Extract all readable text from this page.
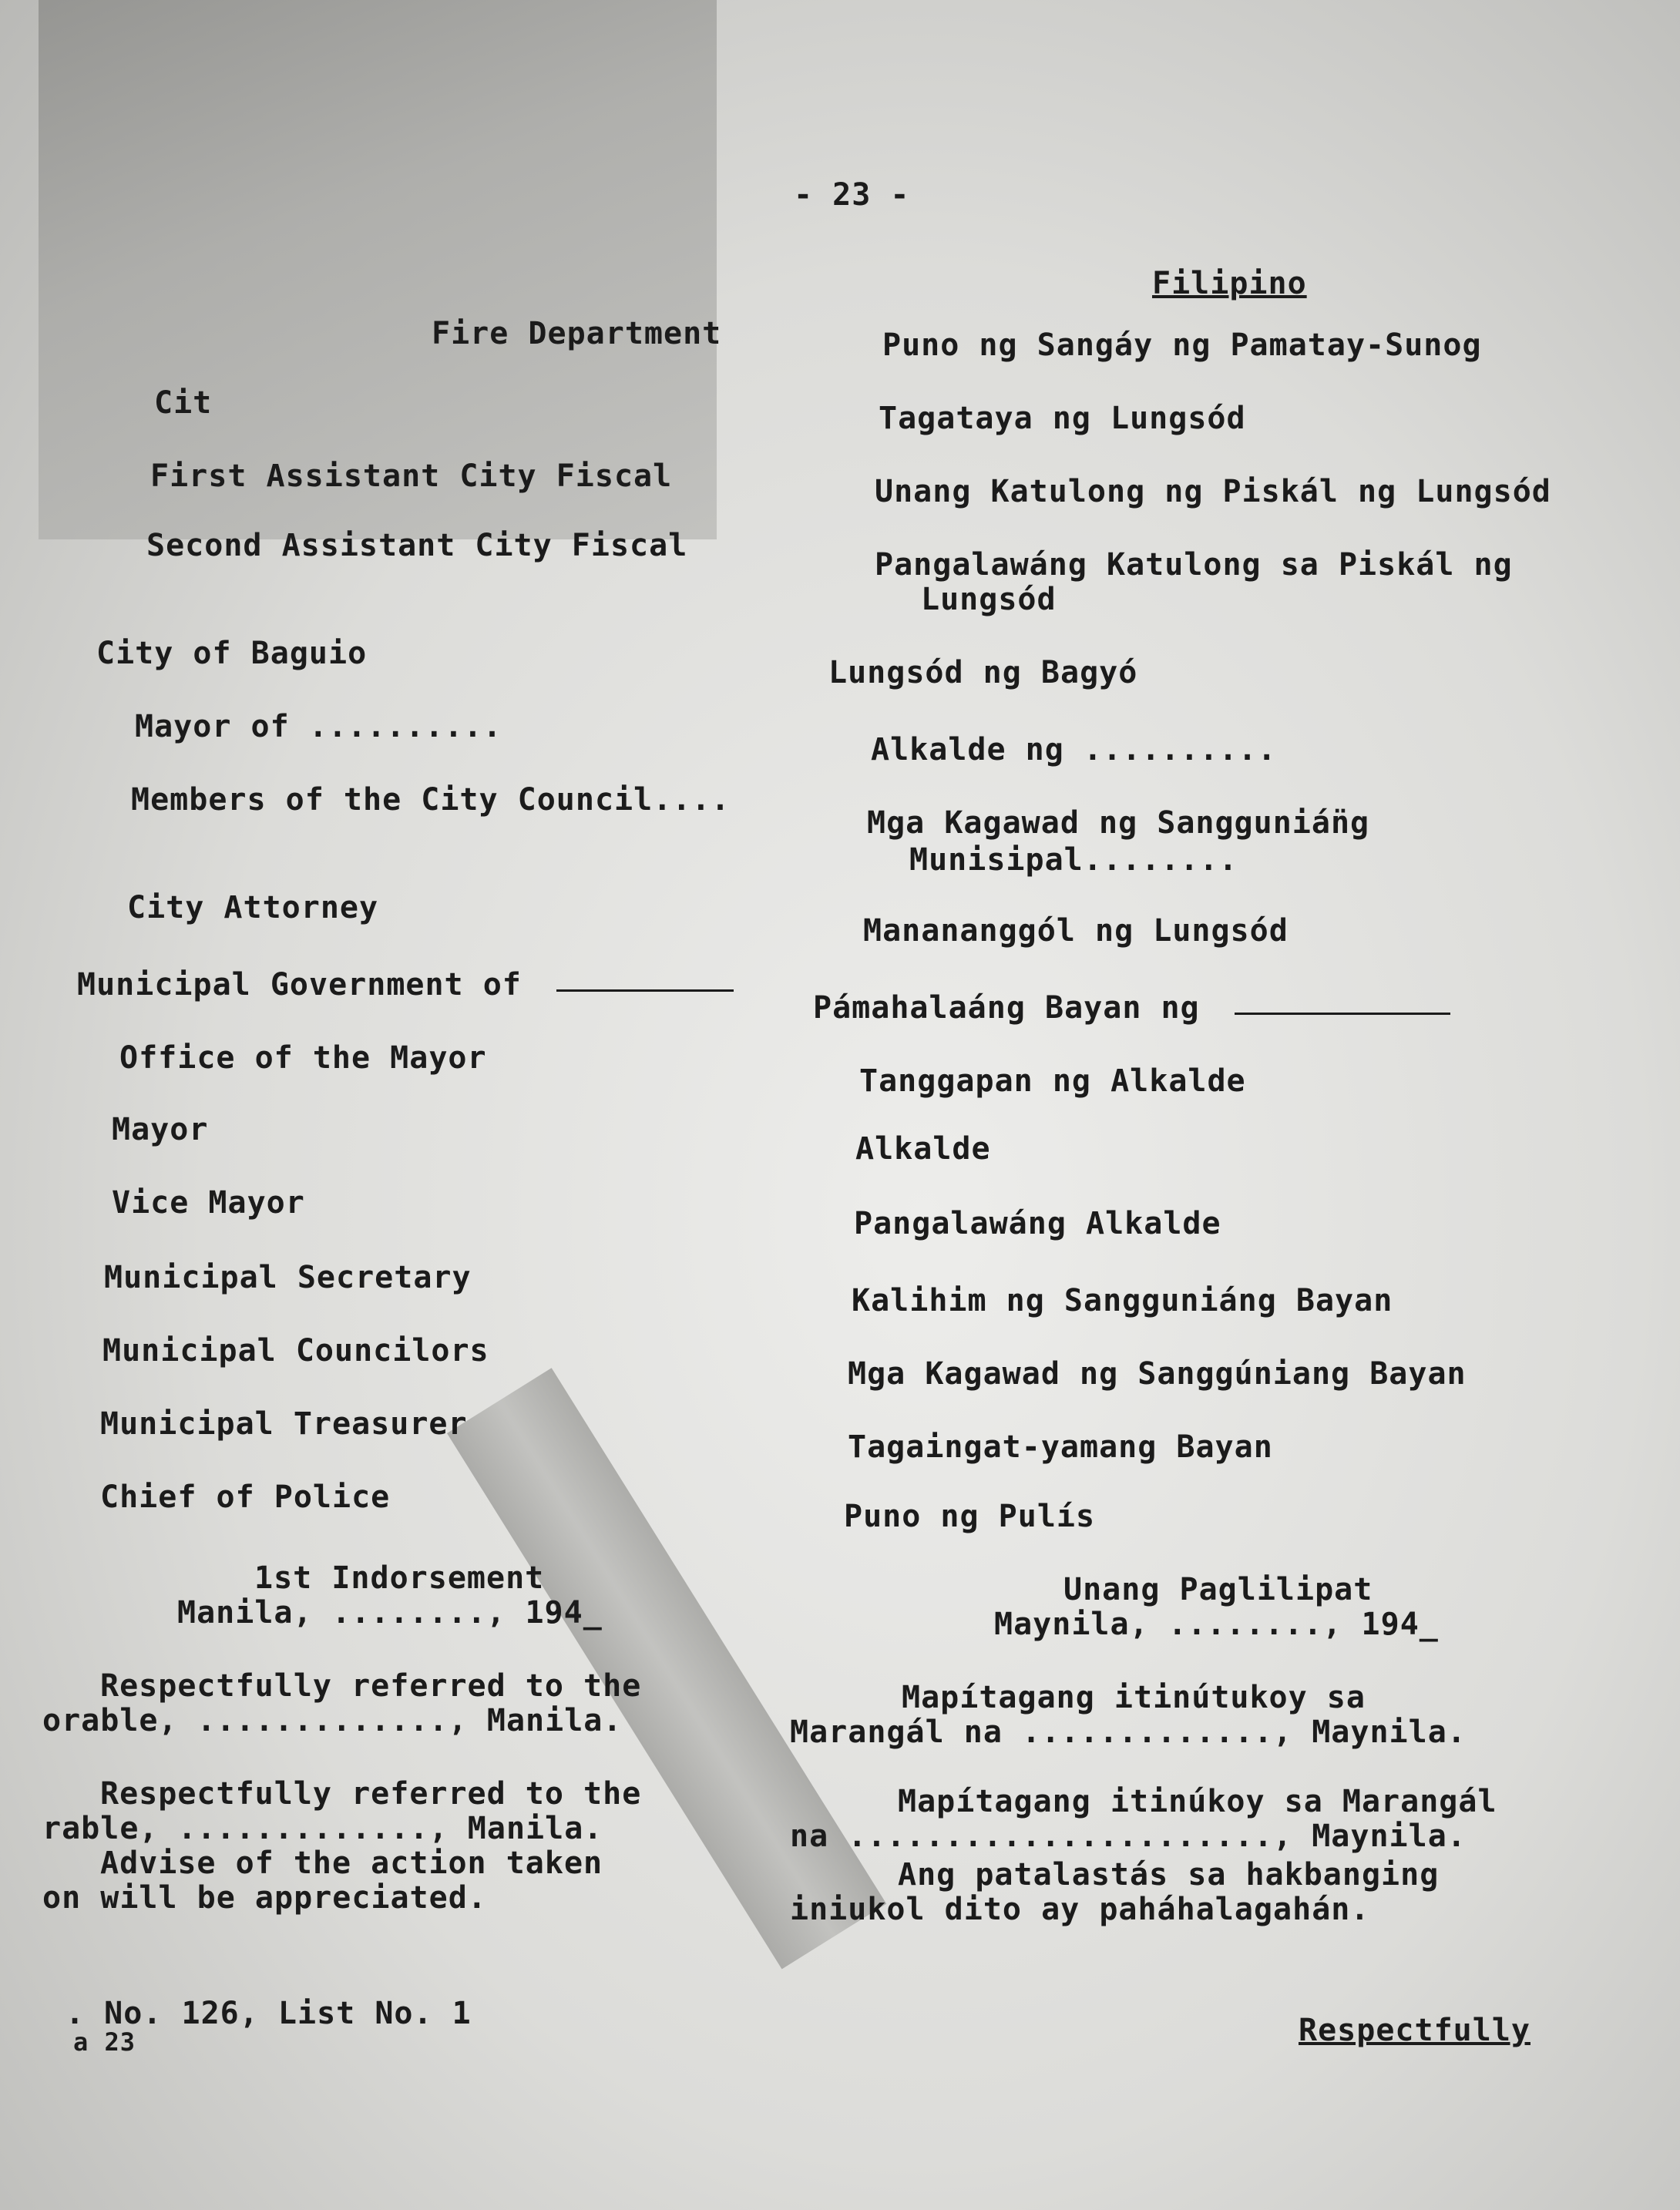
- 23 -
Filipino
Fire Department
Cit
First Assistant City Fiscal
Second Assistant City Fiscal
City of Baguio
Mayor of ..........
Members of the City Council....
City Attorney
Municipal Government of
Office of the Mayor
Mayor
Vice Mayor
Municipal Secretary
Municipal Councilors
Municipal Treasurer
Chief of Police
Puno ng Sangáy ng Pamatay-Sunog
Tagataya ng Lungsód
Unang Katulong ng Piskál ng Lungsód
Pangalawáng Katulong sa Piskál ng
Lungsód
Lungsód ng Bagyó
Alkalde ng ..........
Mga Kagawad ng Sanggunián̈g
Munisipal........
Manananggól ng Lungsód
Pámahalaáng Bayan ng
Tanggapan ng Alkalde
Alkalde
Pangalawáng Alkalde
Kalihim ng Sangguniáng Bayan
Mga Kagawad ng Sanggúniang Bayan
Tagaingat-yamang Bayan
Puno ng Pulís
1st Indorsement
Manila, ........, 194_
Respectfully referred to the
orable, ............., Manila.
Respectfully referred to the
rable, ............., Manila.
Advise of the action taken
on will be appreciated.
Unang Paglilipat
Maynila, ........, 194_
Mapítagang itinútukoy sa
Marangál na ............., Maynila.
Mapítagang itinúkoy sa Marangál
na ......................, Maynila.
Ang patalastás sa hakbanging
iniukol dito ay paháhalagahán.
. No. 126, List No. 1
a 23	Respectfully
